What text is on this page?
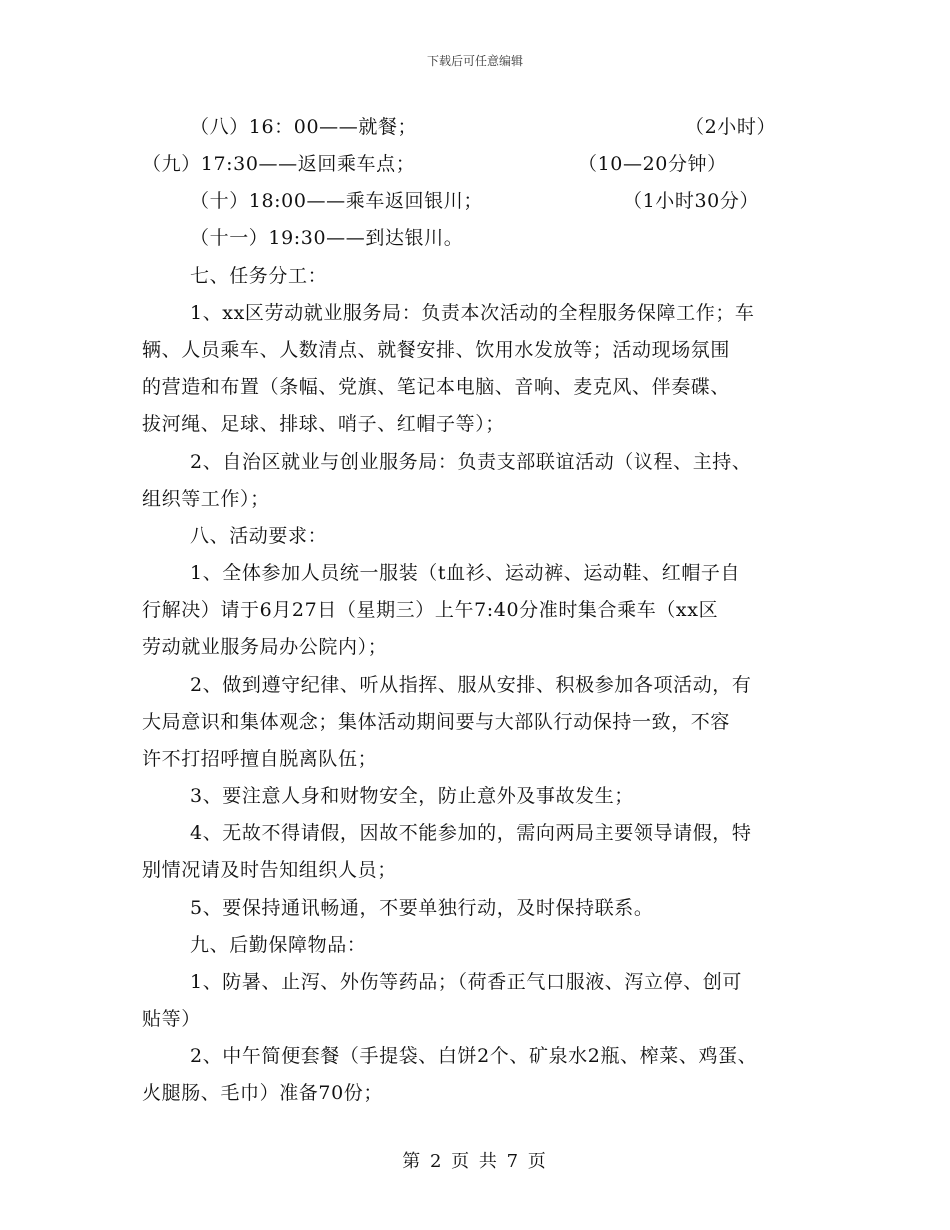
下载后可任意编辑
（八）16：00——就餐；	（2小时）
（九）17:30——返回乘车点；	（10—20分钟）
（十）18:00——乘车返回银川；	（1小时30分）
（十一）19:30——到达银川。
七、任务分工：
1、xx区劳动就业服务局：负责本次活动的全程服务保障工作；车
辆、人员乘车、人数清点、就餐安排、饮用水发放等；活动现场氛围
的营造和布置（条幅、党旗、笔记本电脑、音响、麦克风、伴奏碟、
拔河绳、足球、排球、哨子、红帽子等）；
2、自治区就业与创业服务局：负责支部联谊活动（议程、主持、
组织等工作）；
八、活动要求：
1、全体参加人员统一服装（t血衫、运动裤、运动鞋、红帽子自
行解决）请于6月27日（星期三）上午7:40分准时集合乘车（xx区
劳动就业服务局办公院内）；
2、做到遵守纪律、听从指挥、服从安排、积极参加各项活动，有
大局意识和集体观念；集体活动期间要与大部队行动保持一致，不容
许不打招呼擅自脱离队伍；
3、要注意人身和财物安全，防止意外及事故发生；
4、无故不得请假，因故不能参加的，需向两局主要领导请假，特
别情况请及时告知组织人员；
5、要保持通讯畅通，不要单独行动，及时保持联系。
九、后勤保障物品：
1、防暑、止泻、外伤等药品；（荷香正气口服液、泻立停、创可
贴等）
2、中午简便套餐（手提袋、白饼2个、矿泉水2瓶、榨菜、鸡蛋、
火腿肠、毛巾）准备70份；
第 2 页 共 7 页
